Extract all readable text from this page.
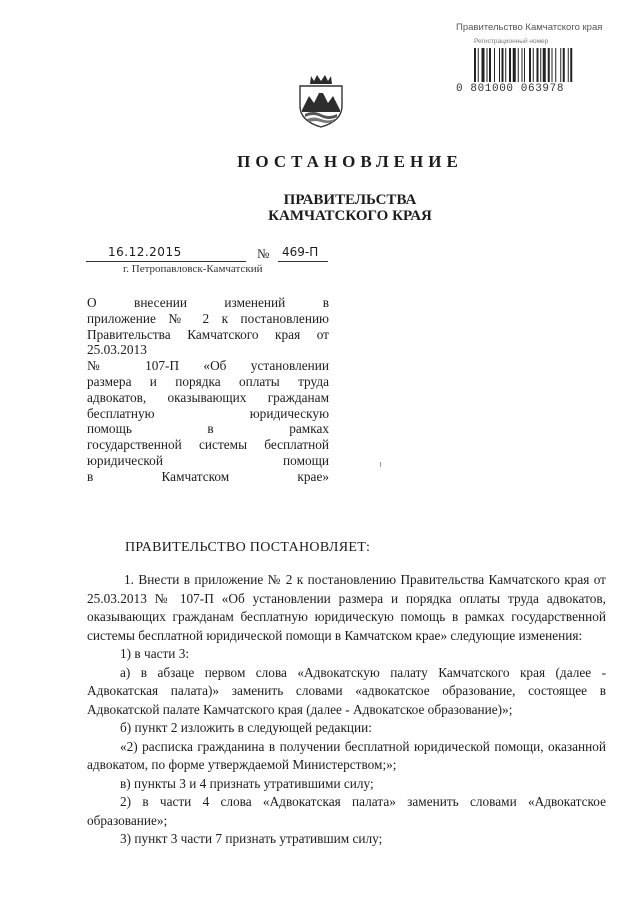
Правительство Камчатского края
Регистрационный номер
0 801000 063978
ПОСТАНОВЛЕНИЕ
ПРАВИТЕЛЬСТВА
КАМЧАТСКОГО КРАЯ
16.12.2015	№ 469-П
г. Петропавловск-Камчатский
О внесении изменений в
приложение № 2 к постановлению
Правительства Камчатского края от 25.03.2013
№ 107-П «Об установлении
размера и порядка оплаты труда
адвокатов, оказывающих гражданам
бесплатную юридическую
помощь в рамках
государственной системы бесплатной юридической помощи
в Камчатском крае»
ПРАВИТЕЛЬСТВО ПОСТАНОВЛЯЕТ:

1. Внести в приложение № 2 к постановлению Правительства Камчатского края от 25.03.2013 № 107-П «Об установлении размера и порядка оплаты труда адвокатов, оказывающих гражданам бесплатную юридическую помощь в рамках государственной системы бесплатной юридической помощи в Камчатском крае» следующие изменения:

1) в части 3:

а) в абзаце первом слова «Адвокатскую палату Камчатского края (далее - Адвокатская палата)» заменить словами «адвокатское образование, состоящее в Адвокатской палате Камчатского края (далее - Адвокатское образование)»;

б) пункт 2 изложить в следующей редакции:

«2) расписка гражданина в получении бесплатной юридической помощи, оказанной адвокатом, по форме утверждаемой Министерством;»;

в) пункты 3 и 4 признать утратившими силу;

2) в части 4 слова «Адвокатская палата» заменить словами «Адвокатское образование»;

3) пункт 3 части 7 признать утратившим силу;
